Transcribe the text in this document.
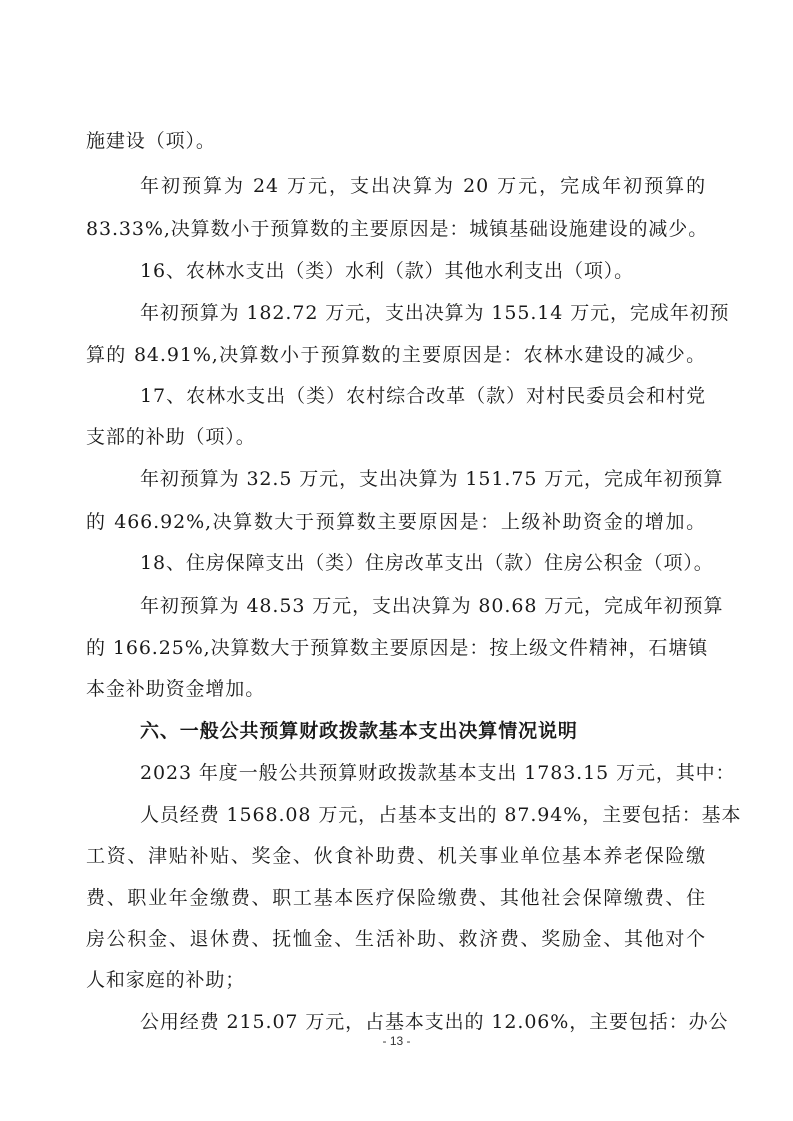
施建设（项）。
年初预算为 24 万元，支出决算为 20 万元，完成年初预算的
83.33%,决算数小于预算数的主要原因是：城镇基础设施建设的减少。
16、农林水支出（类）水利（款）其他水利支出（项）。
年初预算为 182.72 万元，支出决算为 155.14 万元，完成年初预
算的 84.91%,决算数小于预算数的主要原因是：农林水建设的减少。
17、农林水支出（类）农村综合改革（款）对村民委员会和村党
支部的补助（项）。
年初预算为 32.5 万元，支出决算为 151.75 万元，完成年初预算
的 466.92%,决算数大于预算数主要原因是：上级补助资金的增加。
18、住房保障支出（类）住房改革支出（款）住房公积金（项）。
年初预算为 48.53 万元，支出决算为 80.68 万元，完成年初预算
的 166.25%,决算数大于预算数主要原因是：按上级文件精神，石塘镇
本金补助资金增加。
六、一般公共预算财政拨款基本支出决算情况说明
2023 年度一般公共预算财政拨款基本支出 1783.15 万元，其中：
人员经费 1568.08 万元，占基本支出的 87.94%，主要包括：基本
工资、津贴补贴、奖金、伙食补助费、机关事业单位基本养老保险缴
费、职业年金缴费、职工基本医疗保险缴费、其他社会保障缴费、住
房公积金、退休费、抚恤金、生活补助、救济费、奖励金、其他对个
人和家庭的补助；
公用经费 215.07 万元，占基本支出的 12.06%，主要包括：办公
- 13 -
